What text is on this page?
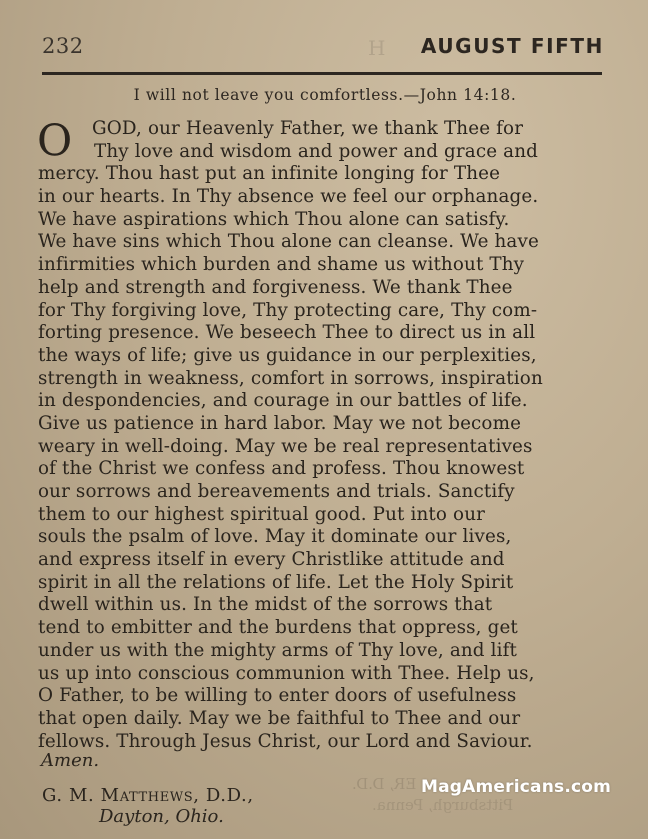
232	H AUGUST FIFTH
I will not leave you comfortless.—John 14:18.
O	GOD, our Heavenly Father, we thank Thee for
Thy love and wisdom and power and grace and
mercy. Thou hast put an infinite longing for Thee
in our hearts. In Thy absence we feel our orphanage.
We have aspirations which Thou alone can satisfy.
We have sins which Thou alone can cleanse. We have
infirmities which burden and shame us without Thy
help and strength and forgiveness. We thank Thee
for Thy forgiving love, Thy protecting care, Thy com-
forting presence. We beseech Thee to direct us in all
the ways of life; give us guidance in our perplexities,
strength in weakness, comfort in sorrows, inspiration
in despondencies, and courage in our battles of life.
Give us patience in hard labor. May we not become
weary in well-doing. May we be real representatives
of the Christ we confess and profess. Thou knowest
our sorrows and bereavements and trials. Sanctify
them to our highest spiritual good. Put into our
souls the psalm of love. May it dominate our lives,
and express itself in every Christlike attitude and
spirit in all the relations of life. Let the Holy Spirit
dwell within us. In the midst of the sorrows that
tend to embitter and the burdens that oppress, get
under us with the mighty arms of Thy love, and lift
us up into conscious communion with Thee. Help us,
O Father, to be willing to enter doors of usefulness
that open daily. May we be faithful to Thee and our
fellows. Through Jesus Christ, our Lord and Saviour.
Amen.
ER, D.D.
Pittsburgh, Penna.
G. M. Matthews, D.D.,
Dayton, Ohio.
MagAmericans.com
